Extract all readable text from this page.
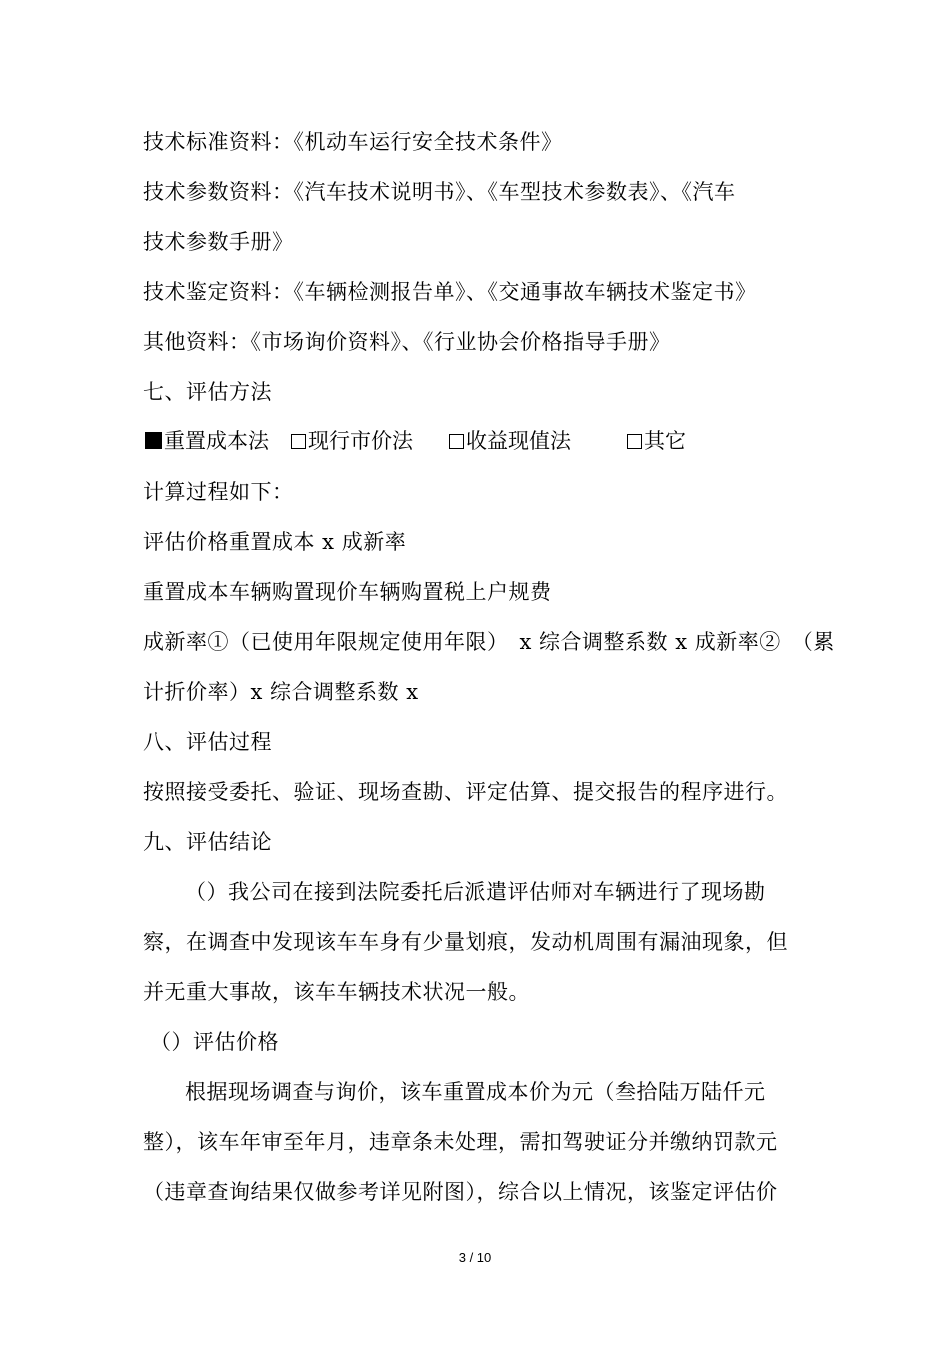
技术标准资料：《机动车运行安全技术条件》
技术参数资料：《汽车技术说明书》、《车型技术参数表》、《汽车
技术参数手册》
技术鉴定资料：《车辆检测报告单》、《交通事故车辆技术鉴定书》
其他资料：《市场询价资料》、《行业协会价格指导手册》
七、评估方法
重置成本法	现行市价法	收益现值法	其它
计算过程如下：
评估价格重置成本 x 成新率
重置成本车辆购置现价车辆购置税上户规费
成新率①（已使用年限规定使用年限）　x 综合调整系数 x 成新率②　（累
计折价率）x 综合调整系数 x
八、评估过程
按照接受委托、验证、现场查勘、评定估算、提交报告的程序进行。
九、评估结论
（）我公司在接到法院委托后派遣评估师对车辆进行了现场勘
察，在调查中发现该车车身有少量划痕，发动机周围有漏油现象，但
并无重大事故，该车车辆技术状况一般。
（）评估价格
根据现场调查与询价，该车重置成本价为元（叁拾陆万陆仟元
整），该车年审至年月，违章条未处理，需扣驾驶证分并缴纳罚款元
（违章查询结果仅做参考详见附图），综合以上情况，该鉴定评估价
3 / 10
